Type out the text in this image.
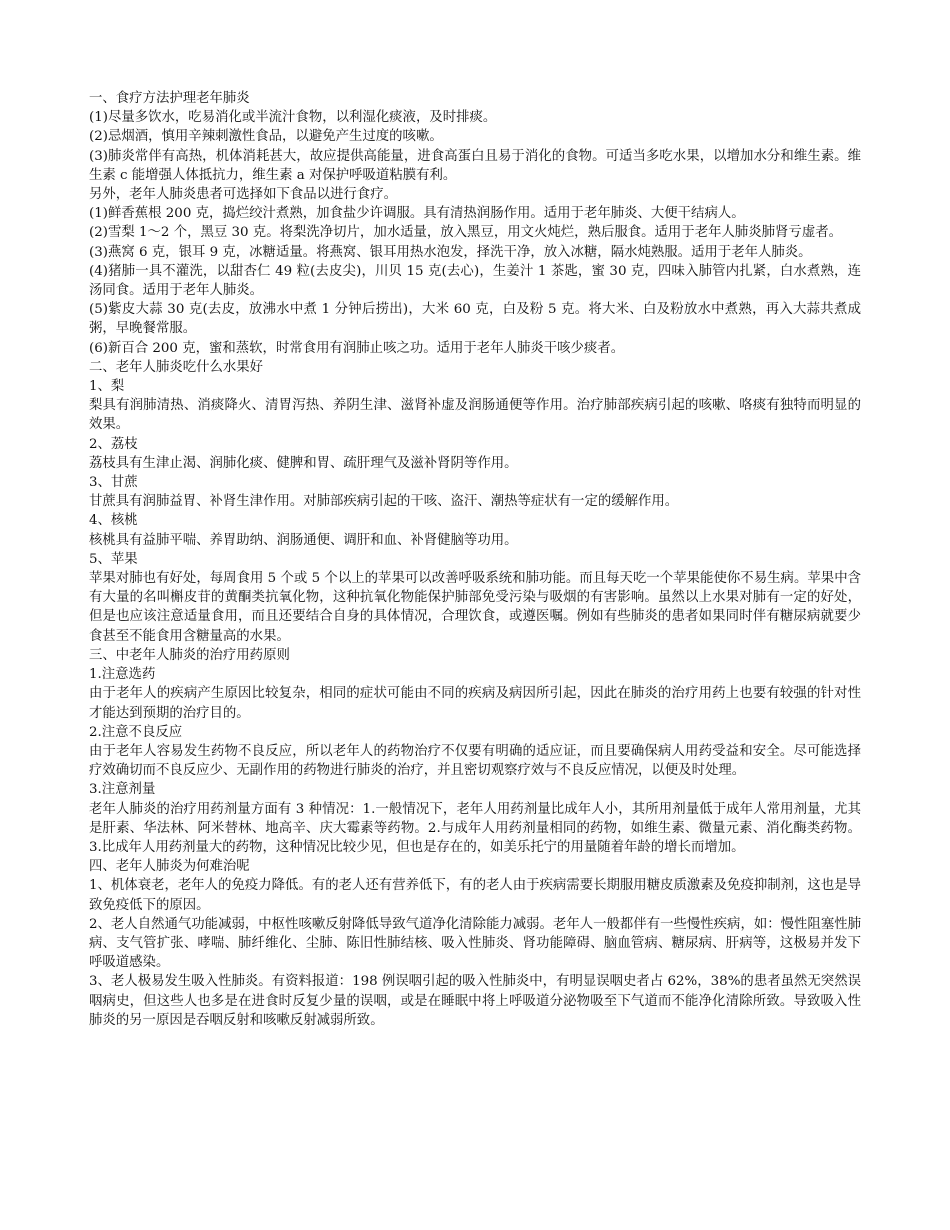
一、食疗方法护理老年肺炎

(1)尽量多饮水，吃易消化或半流汁食物，以利湿化痰液，及时排痰。

(2)忌烟酒，慎用辛辣刺激性食品，以避免产生过度的咳嗽。

(3)肺炎常伴有高热，机体消耗甚大，故应提供高能量，进食高蛋白且易于消化的食物。可适当多吃水果，以增加水分和维生素。维生素 c 能增强人体抵抗力，维生素 a 对保护呼吸道粘膜有利。

另外，老年人肺炎患者可选择如下食品以进行食疗。

(1)鲜香蕉根 200 克，捣烂绞汁煮熟，加食盐少许调服。具有清热润肠作用。适用于老年肺炎、大便干结病人。

(2)雪梨 1～2 个，黑豆 30 克。将梨洗净切片，加水适量，放入黑豆，用文火炖烂，熟后服食。适用于老年人肺炎肺肾亏虚者。

(3)燕窝 6 克，银耳 9 克，冰糖适量。将燕窝、银耳用热水泡发，择洗干净，放入冰糖，隔水炖熟服。适用于老年人肺炎。

(4)猪肺一具不灌洗，以甜杏仁 49 粒(去皮尖)，川贝 15 克(去心)，生姜汁 1 茶匙，蜜 30 克，四味入肺管内扎紧，白水煮熟，连汤同食。适用于老年人肺炎。

(5)紫皮大蒜 30 克(去皮，放沸水中煮 1 分钟后捞出)，大米 60 克，白及粉 5 克。将大米、白及粉放水中煮熟，再入大蒜共煮成粥，早晚餐常服。

(6)新百合 200 克，蜜和蒸软，时常食用有润肺止咳之功。适用于老年人肺炎干咳少痰者。

二、老年人肺炎吃什么水果好

1、梨

梨具有润肺清热、消痰降火、清胃泻热、养阴生津、滋肾补虚及润肠通便等作用。治疗肺部疾病引起的咳嗽、咯痰有独特而明显的效果。

2、荔枝

荔枝具有生津止渴、润肺化痰、健脾和胃、疏肝理气及滋补肾阴等作用。

3、甘蔗

甘蔗具有润肺益胃、补肾生津作用。对肺部疾病引起的干咳、盗汗、潮热等症状有一定的缓解作用。

4、核桃

核桃具有益肺平喘、养胃助纳、润肠通便、调肝和血、补肾健脑等功用。

5、苹果

苹果对肺也有好处，每周食用 5 个或 5 个以上的苹果可以改善呼吸系统和肺功能。而且每天吃一个苹果能使你不易生病。苹果中含有大量的名叫槲皮苷的黄酮类抗氧化物，这种抗氧化物能保护肺部免受污染与吸烟的有害影响。虽然以上水果对肺有一定的好处，但是也应该注意适量食用，而且还要结合自身的具体情况，合理饮食，或遵医嘱。例如有些肺炎的患者如果同时伴有糖尿病就要少食甚至不能食用含糖量高的水果。

三、中老年人肺炎的治疗用药原则

1.注意选药

由于老年人的疾病产生原因比较复杂，相同的症状可能由不同的疾病及病因所引起，因此在肺炎的治疗用药上也要有较强的针对性才能达到预期的治疗目的。

2.注意不良反应

由于老年人容易发生药物不良反应，所以老年人的药物治疗不仅要有明确的适应证，而且要确保病人用药受益和安全。尽可能选择疗效确切而不良反应少、无副作用的药物进行肺炎的治疗，并且密切观察疗效与不良反应情况，以便及时处理。

3.注意剂量

老年人肺炎的治疗用药剂量方面有 3 种情况：1.一般情况下，老年人用药剂量比成年人小，其所用剂量低于成年人常用剂量，尤其是肝素、华法林、阿米替林、地高辛、庆大霉素等药物。2.与成年人用药剂量相同的药物，如维生素、微量元素、消化酶类药物。3.比成年人用药剂量大的药物，这种情况比较少见，但也是存在的，如美乐托宁的用量随着年龄的增长而增加。

四、老年人肺炎为何难治呢

1、机体衰老，老年人的免疫力降低。有的老人还有营养低下，有的老人由于疾病需要长期服用糖皮质激素及免疫抑制剂，这也是导致免疫低下的原因。

2、老人自然通气功能减弱，中枢性咳嗽反射降低导致气道净化清除能力减弱。老年人一般都伴有一些慢性疾病，如：慢性阻塞性肺病、支气管扩张、哮喘、肺纤维化、尘肺、陈旧性肺结核、吸入性肺炎、肾功能障碍、脑血管病、糖尿病、肝病等，这极易并发下呼吸道感染。

3、老人极易发生吸入性肺炎。有资料报道：198 例误咽引起的吸入性肺炎中，有明显误咽史者占 62%，38%的患者虽然无突然误咽病史，但这些人也多是在进食时反复少量的误咽，或是在睡眠中将上呼吸道分泌物吸至下气道而不能净化清除所致。导致吸入性肺炎的另一原因是吞咽反射和咳嗽反射减弱所致。
